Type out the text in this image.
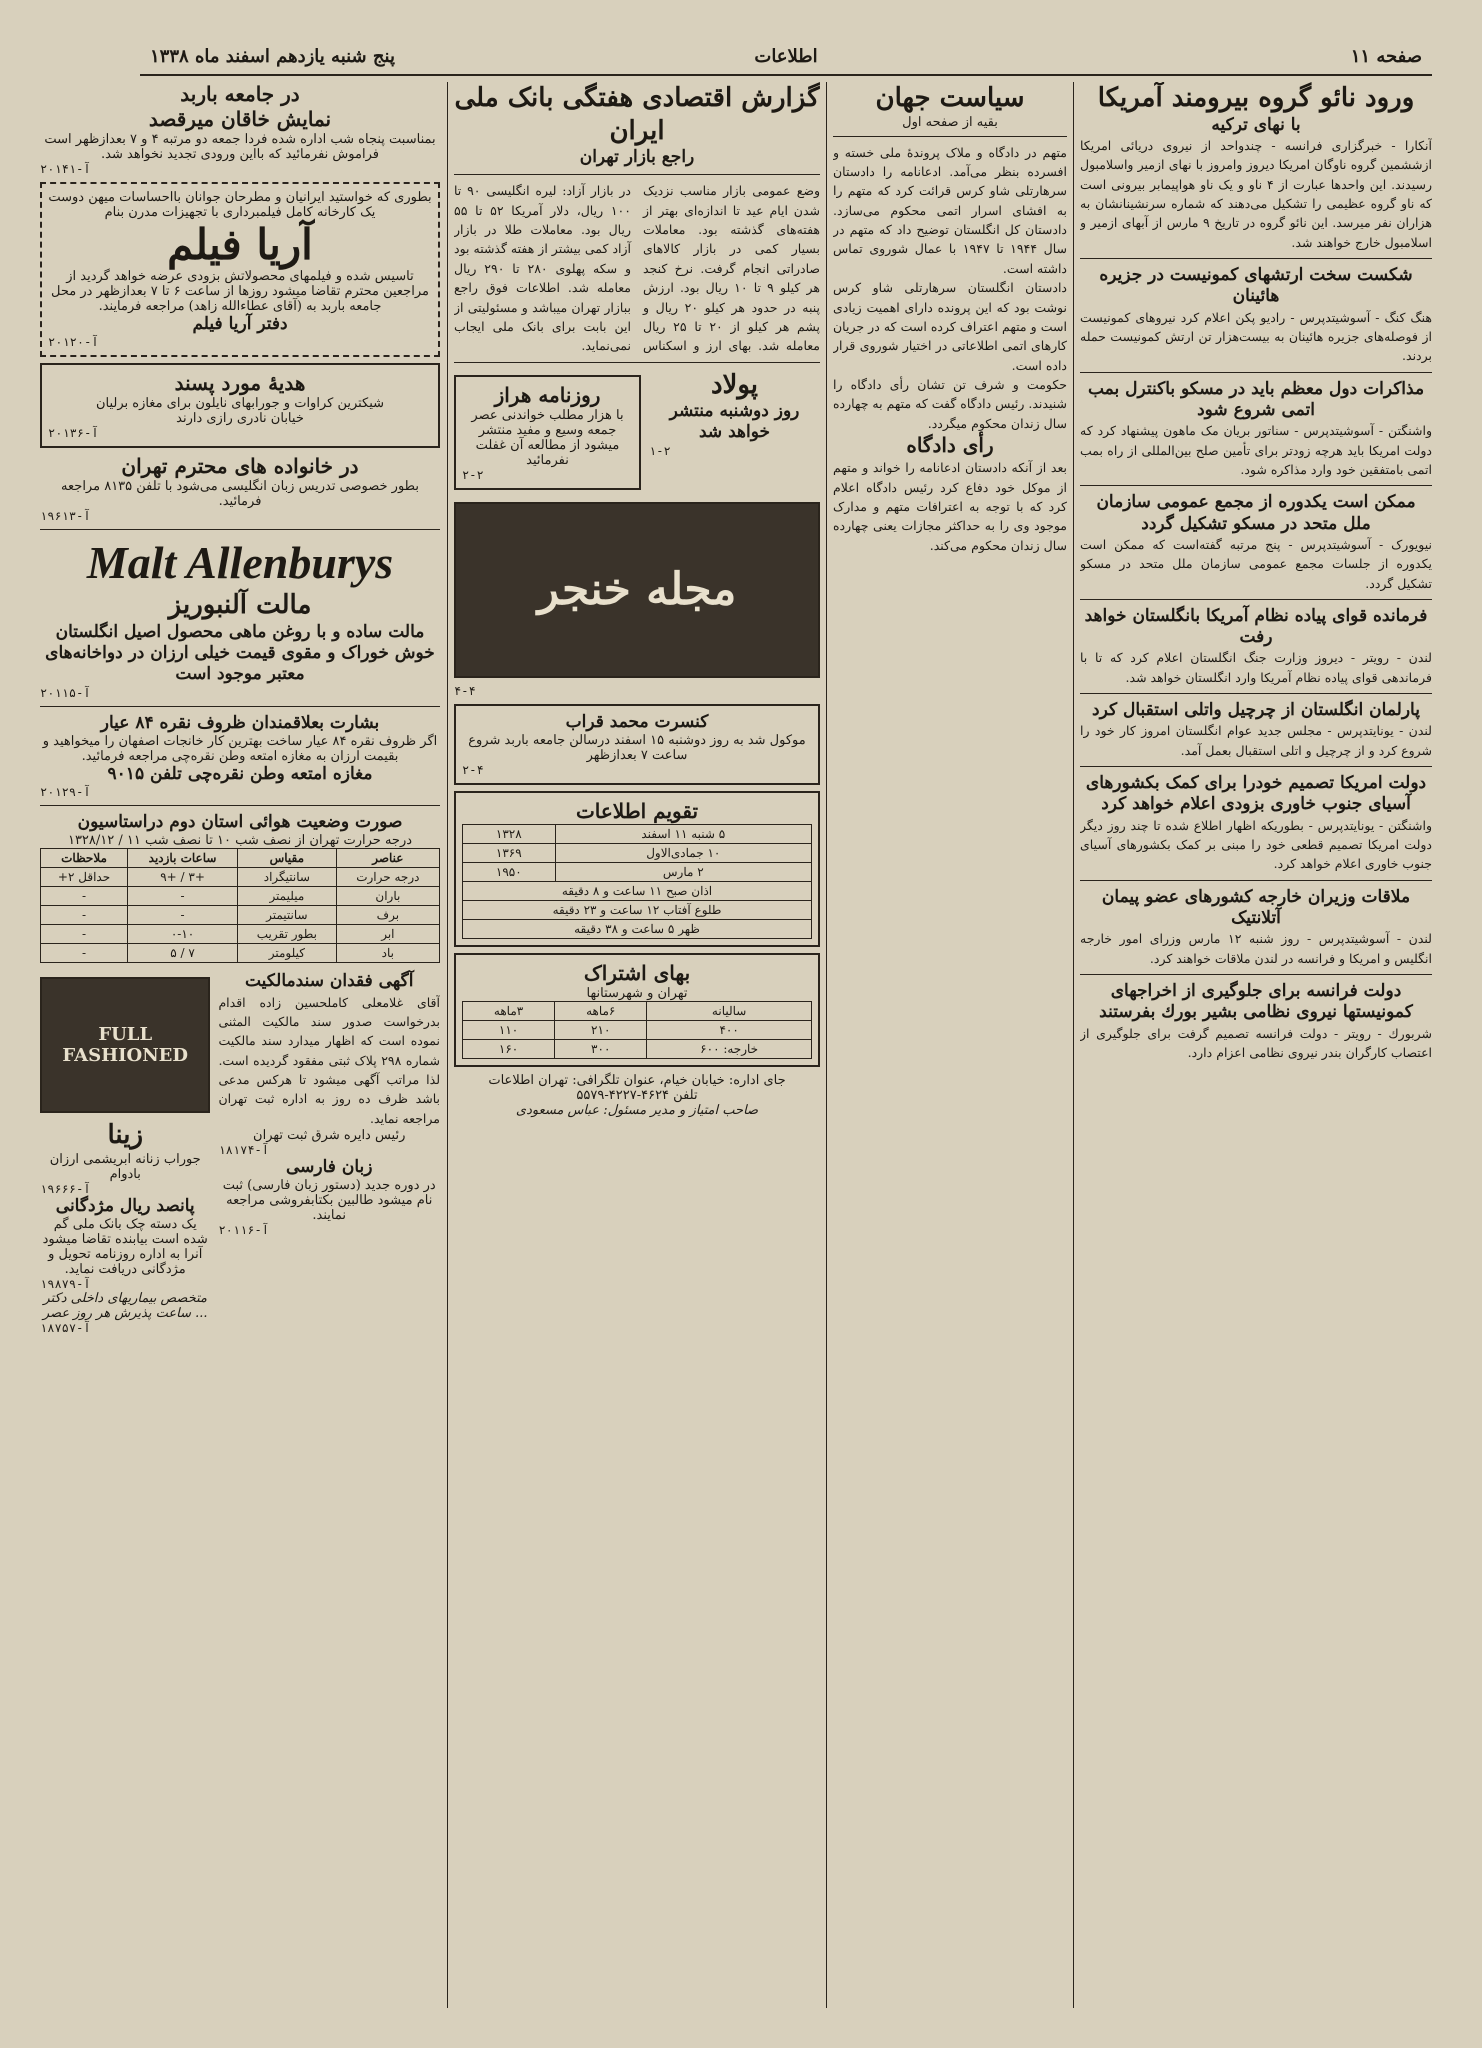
صفحه ۱۱
اطلاعات
پنج شنبه یازدهم اسفند ماه ۱۳۳۸
ورود نائو گروه بیرومند آمریکا
با نهای ترکیه
آنکارا - خبرگزاری فرانسه - چندواحد از نیروی دریائی امریکا ازششمین گروه ناوگان امریکا دیروز وامروز با نهای ازمیر واسلامبول رسیدند. این واحدها عبارت از ۴ ناو و یک ناو هواپیمابر بیرونی است که ناو گروه عظیمی را تشکیل می‌دهند که شماره سرنشینانشان به هزاران نفر میرسد. این نائو گروه در تاریخ ۹ مارس از آبهای ازمیر و اسلامبول خارج خواهند شد.
شکست سخت ارتشهای کمونیست در جزیره هائینان
هنگ کنگ - آسوشیتدپرس - رادیو پکن اعلام کرد نیروهای کمونیست از فوصله‌های جزیره هائینان به بیست‌هزار تن ارتش کمونیست حمله بردند.
مذاکرات دول معظم باید در مسکو باکنترل بمب اتمی شروع شود
واشنگتن - آسوشیتدپرس - سناتور بریان مک ماهون پیشنهاد کرد که دولت امریکا باید هرچه زودتر برای تأمین صلح بین‌المللی از راه بمب اتمی بامتفقین خود وارد مذاکره شود.
ممکن است یکدوره از مجمع عمومی سازمان ملل متحد در مسکو تشکیل گردد
نیویورک - آسوشیتدپرس - پنج مرتبه گفته‌است که ممکن است یکدوره از جلسات مجمع عمومی سازمان ملل متحد در مسکو تشکیل گردد.
فرمانده قوای پیاده نظام آمریکا بانگلستان خواهد رفت
لندن - رویتر - دیروز وزارت جنگ انگلستان اعلام کرد که تا با فرماندهی قوای پیاده نظام آمریکا وارد انگلستان خواهد شد.
پارلمان انگلستان از چرچیل واتلی استقبال کرد
لندن - یونایتدپرس - مجلس جدید عوام انگلستان امروز کار خود را شروع کرد و از چرچیل و اتلی استقبال بعمل آمد.
دولت امریکا تصمیم خودرا برای کمک بکشورهای آسیای جنوب خاوری بزودی اعلام خواهد کرد
واشنگتن - یونایتدپرس - بطوریکه اظهار اطلاع شده تا چند روز دیگر دولت امریکا تصمیم قطعی خود را مبنی بر کمک بکشورهای آسیای جنوب خاوری اعلام خواهد کرد.
ملاقات وزیران خارجه کشورهای عضو پیمان آتلانتیک
لندن - آسوشیتدپرس - روز شنبه ۱۲ مارس وزرای امور خارجه انگلیس و امریکا و فرانسه در لندن ملاقات خواهند کرد.
دولت فرانسه برای جلوگیری از اخراجهای کمونیستها نیروی نظامی بشیر بورك بفرستند
شربورك - رویتر - دولت فرانسه تصمیم گرفت برای جلوگیری از اعتصاب کارگران بندر نیروی نظامی اعزام دارد.
سیاست جهان
بقیه از صفحه اول
متهم در دادگاه و ملاک پروندهٔ ملی خسته و افسرده بنظر می‌آمد. ادعانامه را دادستان سرهارتلی شاو کرس قرائت کرد که متهم را به افشای اسرار اتمی محکوم می‌سازد. دادستان کل انگلستان توضیح داد که متهم در سال ۱۹۴۴ تا ۱۹۴۷ با عمال شوروی تماس داشته است.
دادستان انگلستان سرهارتلی شاو کرس نوشت بود که این پرونده دارای اهمیت زیادی است و متهم اعتراف کرده است که در جریان کارهای اتمی اطلاعاتی در اختیار شوروی قرار داده است.
حکومت و شرف تن تشان رأی دادگاه را شنیدند. رئیس دادگاه گفت که متهم به چهارده سال زندان محکوم میگردد.
رأی دادگاه
بعد از آنکه دادستان ادعانامه را خواند و متهم از موکل خود دفاع کرد رئیس دادگاه اعلام کرد که با توجه به اعترافات متهم و مدارک موجود وی را به حداکثر مجازات یعنی چهارده سال زندان محکوم می‌کند.
گزارش اقتصادی هفتگی بانک ملی ایران
راجع بازار تهران
وضع عمومی بازار مناسب نزدیک شدن ایام عید تا اندازه‌ای بهتر از هفته‌های گذشته بود. معاملات بسیار کمی در بازار کالاهای صادراتی انجام گرفت. نرخ کنجد هر کیلو ۹ تا ۱۰ ریال بود. ارزش پنبه در حدود هر کیلو ۲۰ ریال و پشم هر کیلو از ۲۰ تا ۲۵ ریال معامله شد. بهای ارز و اسکناس در بازار آزاد: لیره انگلیسی ۹۰ تا ۱۰۰ ریال، دلار آمریکا ۵۲ تا ۵۵ ریال بود. معاملات طلا در بازار آزاد کمی بیشتر از هفته گذشته بود و سکه پهلوی ۲۸۰ تا ۲۹۰ ریال معامله شد. اطلاعات فوق راجع ببازار تهران میباشد و مسئولیتی از این بابت برای بانک ملی ایجاب نمی‌نماید.
پولاد
روز دوشنبه منتشر خواهد شد
۱-۲
روزنامه هراز
با هزار مطلب خواندنی عصر جمعه وسیع و مفید منتشر میشود از مطالعه آن غفلت نفرمائید
۲-۲
مجله خنجر
۴-۴
کنسرت محمد قراب
موکول شد به روز دوشنبه ۱۵ اسفند درسالن جامعه باربد شروع ساعت ۷ بعدازظهر
۲-۴
تقویم اطلاعات
۵ شنبه ۱۱ اسفند	۱۳۲۸
۱۰ جمادی‌الاول	۱۳۶۹
۲ مارس	۱۹۵۰
اذان صبح ۱۱ ساعت و ۸ دقیقه	
طلوع آفتاب ۱۲ ساعت و ۲۳ دقیقه	
ظهر ۵ ساعت و ۳۸ دقیقه	
بهای اشتراک
تهران و شهرستانها
سالیانه	۶ماهه	۳ماهه
۴۰۰	۲۱۰	۱۱۰
خارجه: ۶۰۰	۳۰۰	۱۶۰
جای اداره: خیابان خیام، عنوان تلگرافی: تهران اطلاعات
تلفن ۴۶۲۴-۴۲۲۷-۵۵۷۹
صاحب امتیاز و مدیر مسئول: عباس مسعودی
در جامعه باربد
نمایش خاقان میرقصد
بمناسبت پنجاه شب اداره شده فردا جمعه دو مرتبه ۴ و ۷ بعدازظهر است فراموش نفرمائید که بااین ورودی تجدید نخواهد شد.
۲۰۱۴۱-آ
بطوری که خواستید ایرانیان و مطرحان جوانان بااحساسات میهن دوست یک کارخانه کامل فیلمبرداری با تجهیزات مدرن بنام
آریا فیلم
تاسیس شده و فیلمهای محصولاتش بزودی عرضه خواهد گردید از مراجعین محترم تقاضا میشود روزها از ساعت ۶ تا ۷ بعدازظهر در محل جامعه باربد به (آقای عطاءالله زاهد) مراجعه فرمایند.
دفتر آریا فیلم
۲۰۱۲۰-آ
هدیهٔ مورد پسند
شیکترین کراوات و جورابهای نایلون برای مغازه برلیان
خیابان نادری رازی دارند
۲۰۱۳۶-آ
در خانواده های محترم تهران
بطور خصوصی تدریس زبان انگلیسی می‌شود با تلفن ۸۱۳۵ مراجعه فرمائید.
۱۹۶۱۳-آ
Malt Allenburys
مالت آلنبوریز
مالت ساده و با روغن ماهی محصول اصیل انگلستان خوش خوراک و مقوی قیمت خیلی ارزان در دواخانه‌های معتبر موجود است
۲۰۱۱۵-آ
بشارت بعلاقمندان ظروف نقره ۸۴ عیار
اگر ظروف نقره ۸۴ عیار ساخت بهترین کار خانجات اصفهان را میخواهید و بقیمت ارزان به مغازه امتعه وطن نقره‌چی مراجعه فرمائید.
مغازه امتعه وطن نقره‌چی تلفن ۹۰۱۵
۲۰۱۲۹-آ
صورت وضعیت هوائی استان دوم دراستاسیون
درجه حرارت تهران از نصف شب ۱۰ تا نصف شب ۱۱ / ۱۳۲۸/۱۲
عناصر	مقیاس	ساعات بازدید	ملاحظات
درجه حرارت	سانتیگراد	+۳ / +۹	حداقل ۲+
باران	میلیمتر	-	-
برف	سانتیمتر	-	-
ابر	بطور تقریب	۰-۱۰	-
باد	کیلومتر	۷ / ۵	-
آگهی فقدان سندمالکیت
آقای غلامعلی کاملحسین زاده اقدام بدرخواست صدور سند مالکیت المثنی نموده است که اظهار میدارد سند مالکیت شماره ۲۹۸ پلاک ثبتی مفقود گردیده است. لذا مراتب آگهی میشود تا هرکس مدعی باشد ظرف ده روز به اداره ثبت تهران مراجعه نماید.
رئیس دایره شرق ثبت تهران
۱۸۱۷۴-آ
زبان فارسی
در دوره جدید (دستور زبان فارسی) ثبت نام میشود طالبین بکتابفروشی مراجعه نمایند.
۲۰۱۱۶-آ
FULL FASHIONED
زینا
جوراب زنانه ابریشمی ارزان بادوام
۱۹۶۶۶-آ
پانصد ریال مژدگانی
یک دسته چک بانک ملی گم شده است بیابنده تقاضا میشود آنرا به اداره روزنامه تحویل و مژدگانی دریافت نماید.
۱۹۸۷۹-آ
متخصص بیماریهای داخلی دکتر ... ساعت پذیرش هر روز عصر
۱۸۷۵۷-آ
